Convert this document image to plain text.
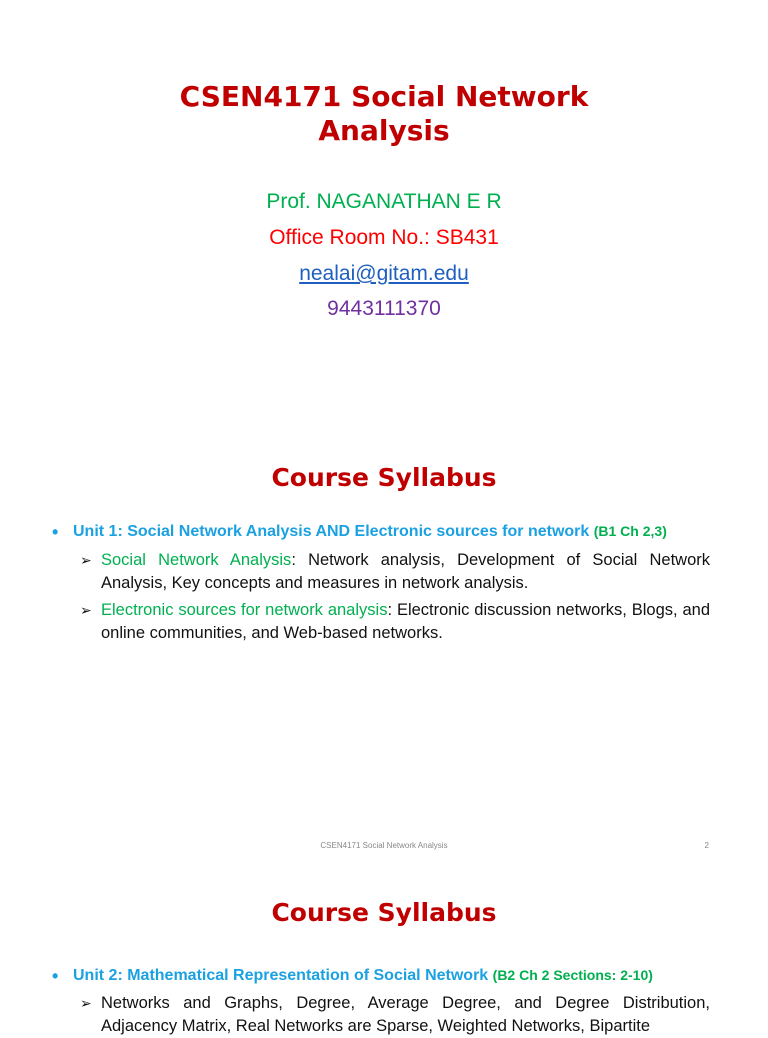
CSEN4171 Social Network
Analysis
Prof. NAGANATHAN E R
Office Room No.: SB431
nealai@gitam.edu
9443111370
Course Syllabus
• Unit 1: Social Network Analysis AND Electronic sources for network (B1 Ch 2,3)
➢ Social Network Analysis: Network analysis, Development of Social Network Analysis, Key concepts and measures in network analysis.
➢ Electronic sources for network analysis: Electronic discussion networks, Blogs, and online communities, and Web-based networks.
CSEN4171 Social Network Analysis	2
Course Syllabus
• Unit 2: Mathematical Representation of Social Network (B2 Ch 2 Sections: 2-10)
➢ Networks and Graphs, Degree, Average Degree, and Degree Distribution, Adjacency Matrix, Real Networks are Sparse, Weighted Networks, Bipartite
